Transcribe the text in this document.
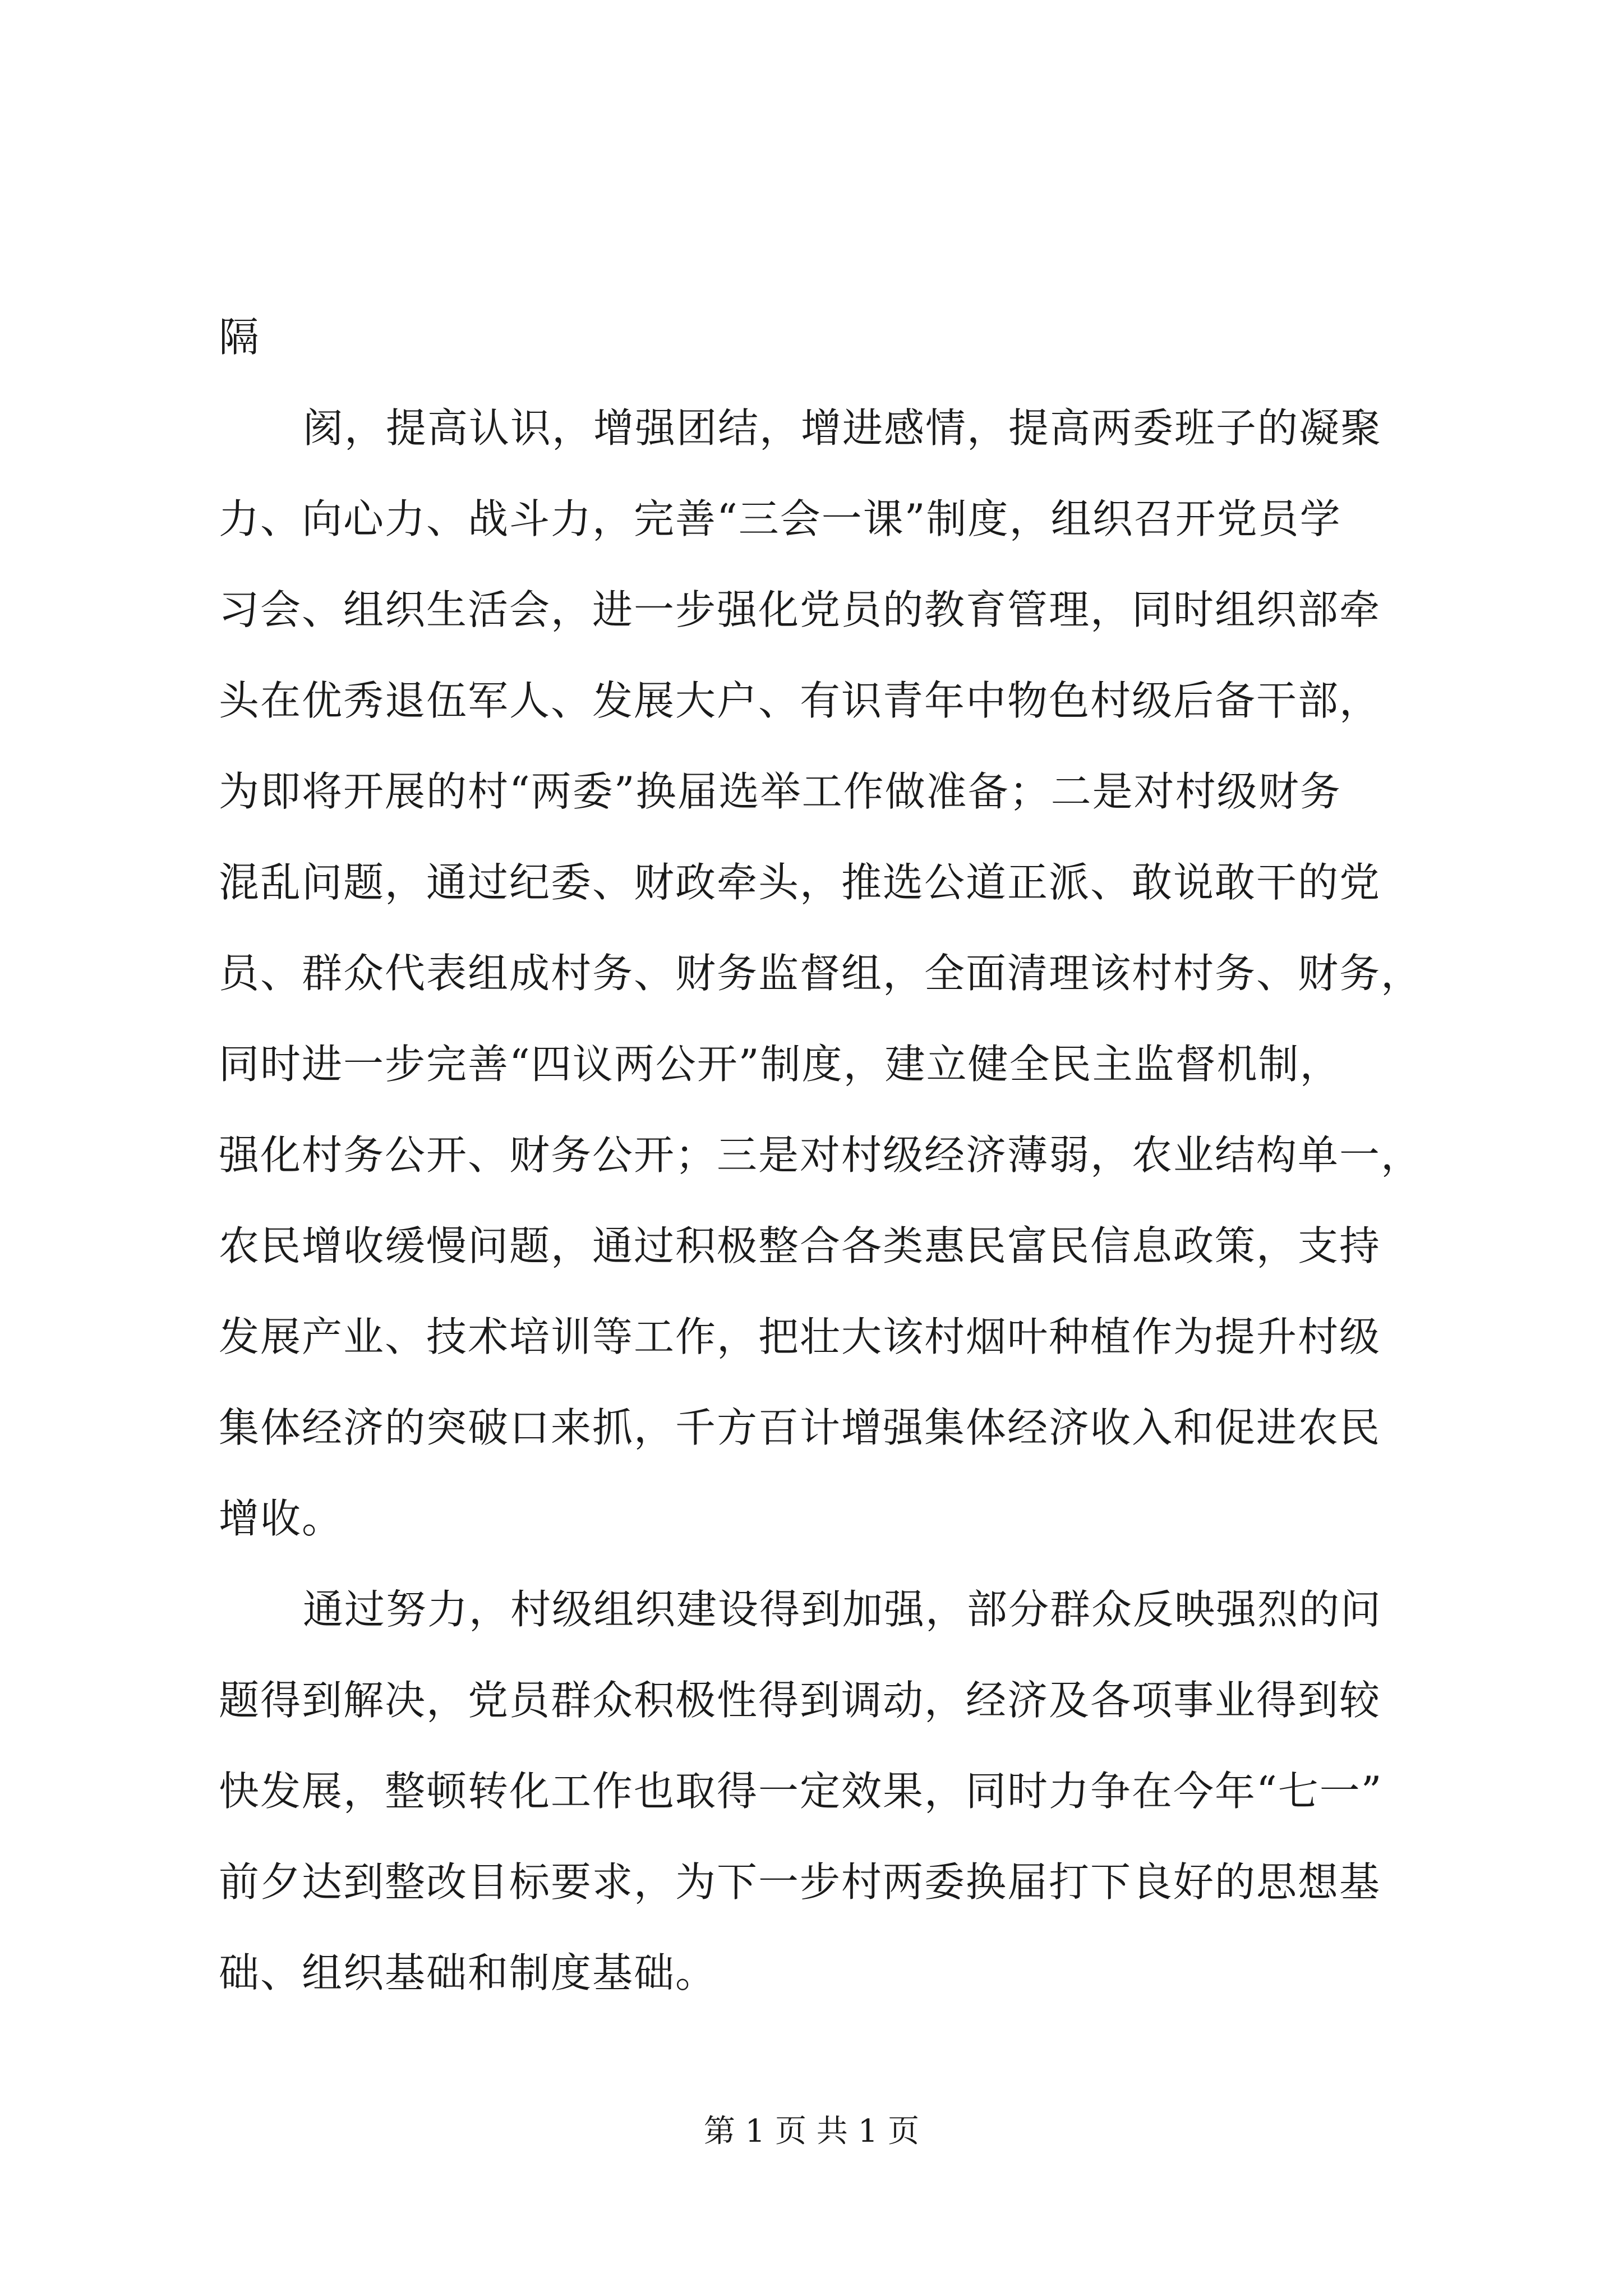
隔
阂，提高认识，增强团结，增进感情，提高两委班子的凝聚
力、向心力、战斗力，完善“三会一课”制度，组织召开党员学
习会、组织生活会，进一步强化党员的教育管理，同时组织部牵
头在优秀退伍军人、发展大户、有识青年中物色村级后备干部，
为即将开展的村“两委”换届选举工作做准备；二是对村级财务
混乱问题，通过纪委、财政牵头，推选公道正派、敢说敢干的党
员、群众代表组成村务、财务监督组，全面清理该村村务、财务，
同时进一步完善“四议两公开”制度，建立健全民主监督机制，
强化村务公开、财务公开；三是对村级经济薄弱，农业结构单一，
农民增收缓慢问题，通过积极整合各类惠民富民信息政策，支持
发展产业、技术培训等工作，把壮大该村烟叶种植作为提升村级
集体经济的突破口来抓，千方百计增强集体经济收入和促进农民
增收。
通过努力，村级组织建设得到加强，部分群众反映强烈的问
题得到解决，党员群众积极性得到调动，经济及各项事业得到较
快发展，整顿转化工作也取得一定效果，同时力争在今年“七一”
前夕达到整改目标要求，为下一步村两委换届打下良好的思想基
础、组织基础和制度基础。
第 1 页 共 1 页
